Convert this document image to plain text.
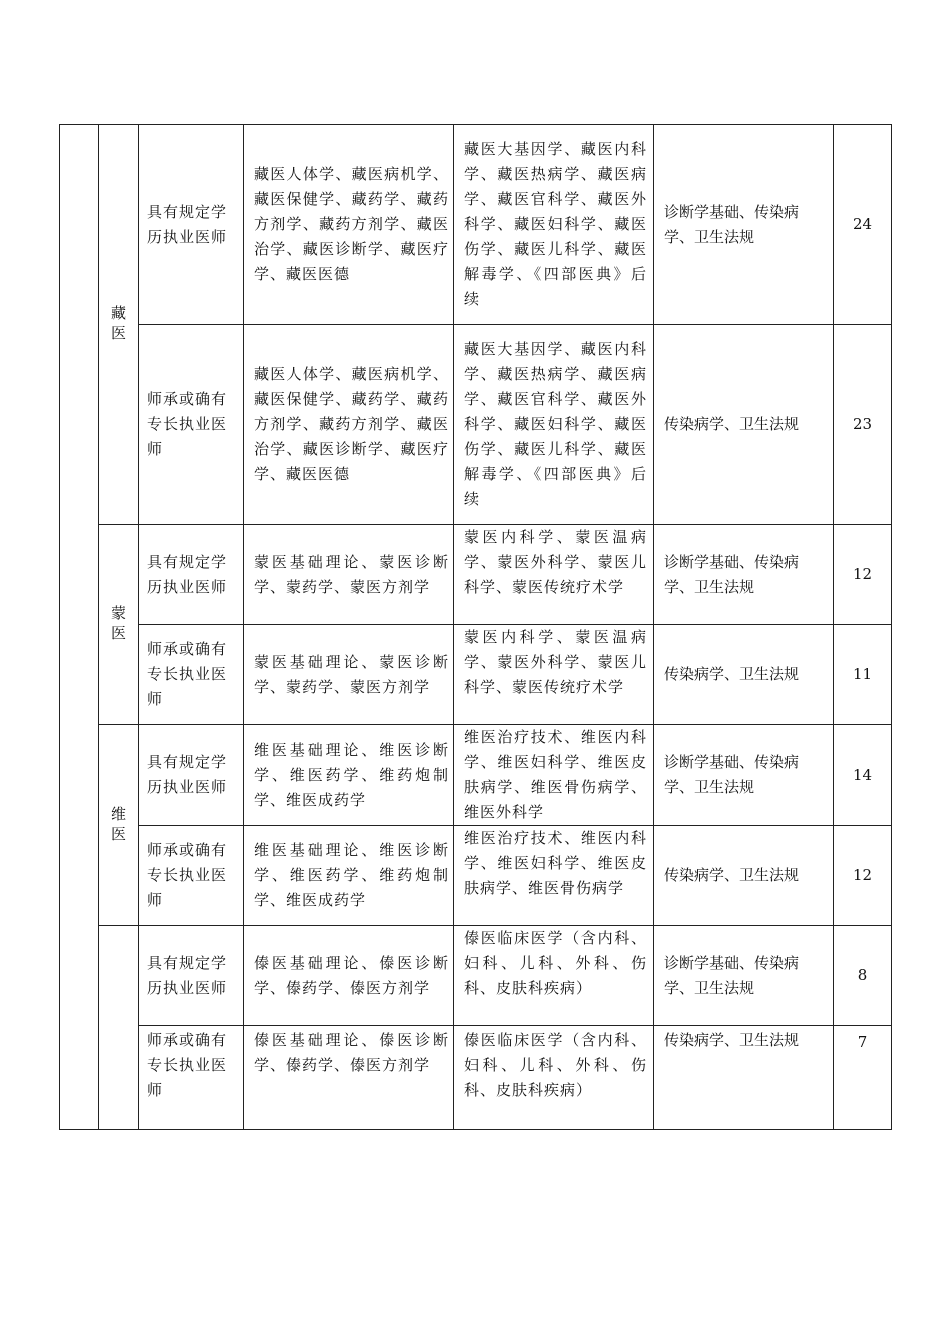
	藏医	具有规定学历执业医师	藏医人体学、藏医病机学、藏医保健学、藏药学、藏药方剂学、藏药方剂学、藏医治学、藏医诊断学、藏医疗学、藏医医德	藏医大基因学、藏医内科学、藏医热病学、藏医病学、藏医官科学、藏医外科学、藏医妇科学、藏医伤学、藏医儿科学、藏医解毒学、《四部医典》后续	诊断学基础、传染病学、卫生法规	24
		师承或确有专长执业医师	藏医人体学、藏医病机学、藏医保健学、藏药学、藏药方剂学、藏药方剂学、藏医治学、藏医诊断学、藏医疗学、藏医医德	藏医大基因学、藏医内科学、藏医热病学、藏医病学、藏医官科学、藏医外科学、藏医妇科学、藏医伤学、藏医儿科学、藏医解毒学、《四部医典》后续	传染病学、卫生法规	23
	蒙医	具有规定学历执业医师	蒙医基础理论、蒙医诊断学、蒙药学、蒙医方剂学	蒙医内科学、蒙医温病学、蒙医外科学、蒙医儿科学、蒙医传统疗术学	诊断学基础、传染病学、卫生法规	12
		师承或确有专长执业医师	蒙医基础理论、蒙医诊断学、蒙药学、蒙医方剂学	蒙医内科学、蒙医温病学、蒙医外科学、蒙医儿科学、蒙医传统疗术学	传染病学、卫生法规	11
	维医	具有规定学历执业医师	维医基础理论、维医诊断学、维医药学、维药炮制学、维医成药学	维医治疗技术、维医内科学、维医妇科学、维医皮肤病学、维医骨伤病学、维医外科学	诊断学基础、传染病学、卫生法规	14
		师承或确有专长执业医师	维医基础理论、维医诊断学、维医药学、维药炮制学、维医成药学	维医治疗技术、维医内科学、维医妇科学、维医皮肤病学、维医骨伤病学	传染病学、卫生法规	12
		具有规定学历执业医师	傣医基础理论、傣医诊断学、傣药学、傣医方剂学	傣医临床医学（含内科、妇科、儿科、外科、伤科、皮肤科疾病）	诊断学基础、传染病学、卫生法规	8
		师承或确有专长执业医师	傣医基础理论、傣医诊断学、傣药学、傣医方剂学	傣医临床医学（含内科、妇科、儿科、外科、伤科、皮肤科疾病）	传染病学、卫生法规	7
